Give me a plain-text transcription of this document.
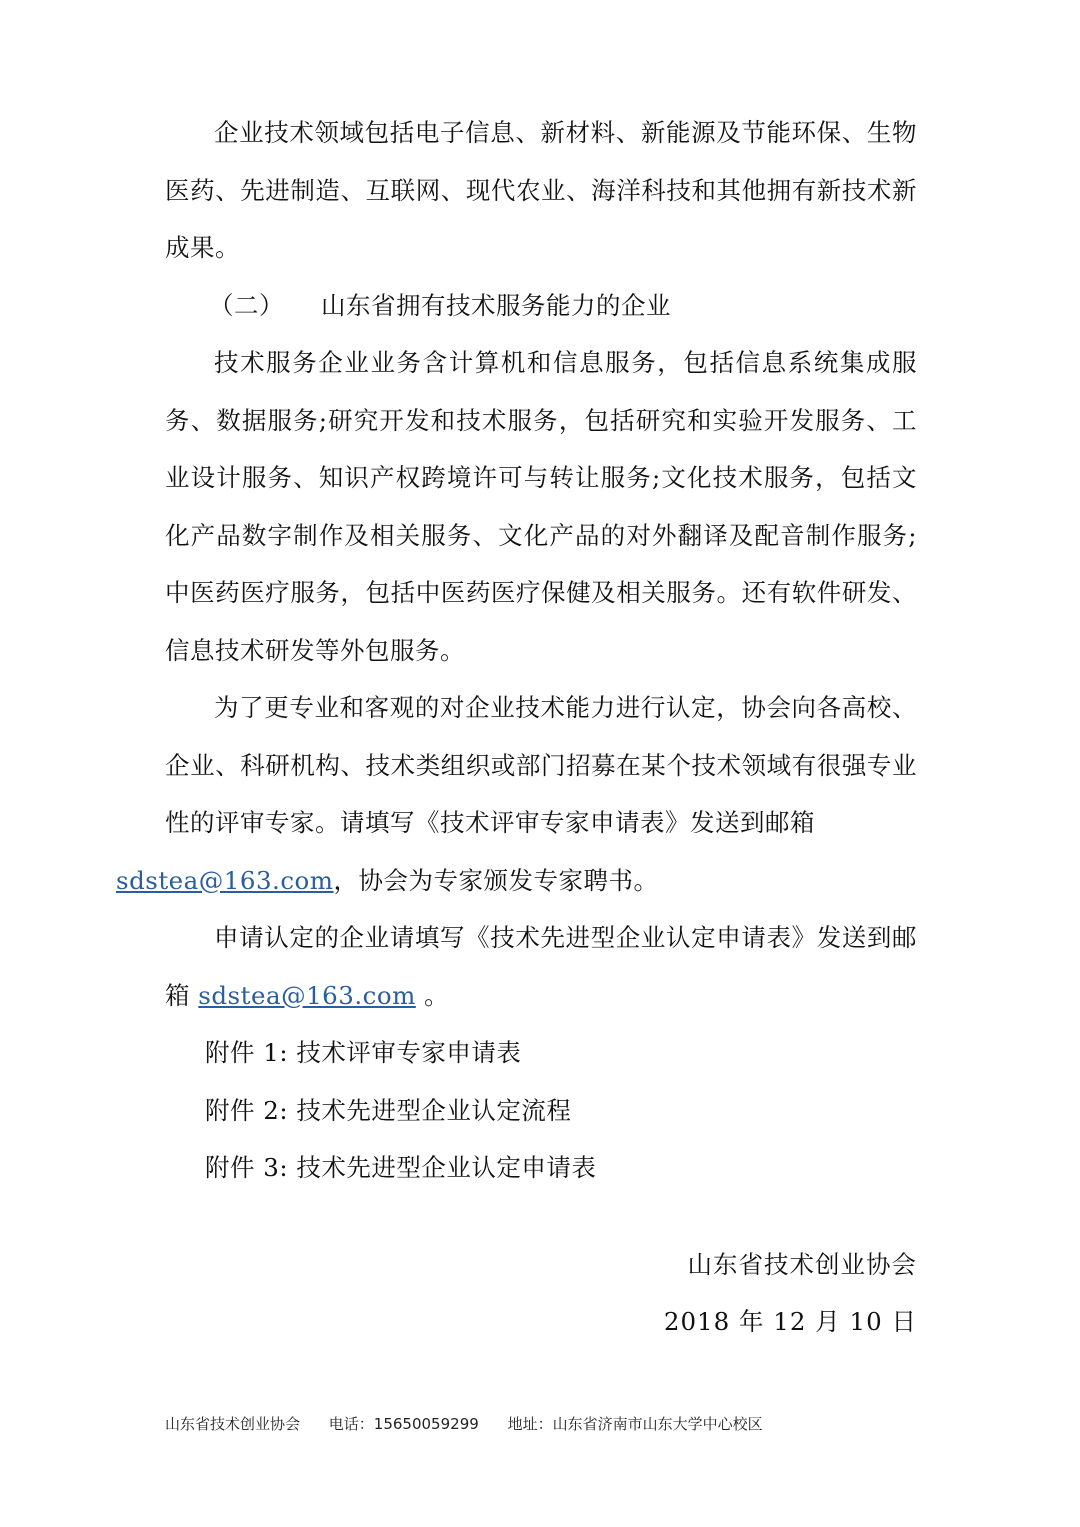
企业技术领域包括电子信息、新材料、新能源及节能环保、生物医药、先进制造、互联网、现代农业、海洋科技和其他拥有新技术新成果。

（二） 山东省拥有技术服务能力的企业

技术服务企业业务含计算机和信息服务，包括信息系统集成服务、数据服务;研究开发和技术服务，包括研究和实验开发服务、工业设计服务、知识产权跨境许可与转让服务;文化技术服务，包括文化产品数字制作及相关服务、文化产品的对外翻译及配音制作服务;中医药医疗服务，包括中医药医疗保健及相关服务。还有软件研发、信息技术研发等外包服务。

为了更专业和客观的对企业技术能力进行认定，协会向各高校、企业、科研机构、技术类组织或部门招募在某个技术领域有很强专业性的评审专家。请填写《技术评审专家申请表》发送到邮箱
sdstea@163.com，协会为专家颁发专家聘书。

申请认定的企业请填写《技术先进型企业认定申请表》发送到邮箱 sdstea@163.com 。

附件 1: 技术评审专家申请表

附件 2: 技术先进型企业认定流程

附件 3: 技术先进型企业认定申请表

山东省技术创业协会
2018 年 12 月 10 日
山东省技术创业协会 电话：15650059299 地址：山东省济南市山东大学中心校区
